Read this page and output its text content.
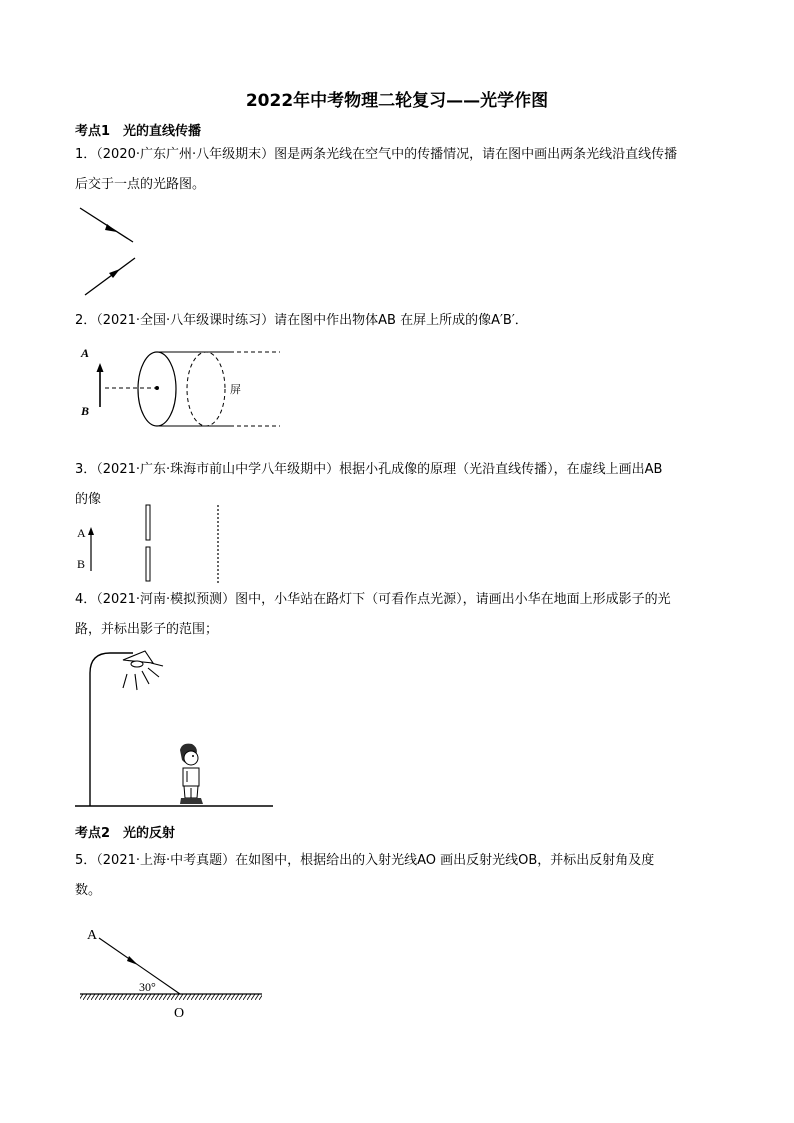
2022年中考物理二轮复习——光学作图
考点1　光的直线传播
1．（2020·广东广州·八年级期末）图是两条光线在空气中的传播情况，请在图中画出两条光线沿直线传播
后交于一点的光路图。
2．（2021·全国·八年级课时练习）请在图中作出物体AB 在屏上所成的像A′B′．
A
B
屏
3．（2021·广东·珠海市前山中学八年级期中）根据小孔成像的原理（光沿直线传播），在虚线上画出AB
的像
A
B
4．（2021·河南·模拟预测）图中，小华站在路灯下（可看作点光源），请画出小华在地面上形成影子的光
路，并标出影子的范围；
考点2　光的反射
5．（2021·上海·中考真题）在如图中，根据给出的入射光线AO 画出反射光线OB，并标出反射角及度
数。
A
30°
O
